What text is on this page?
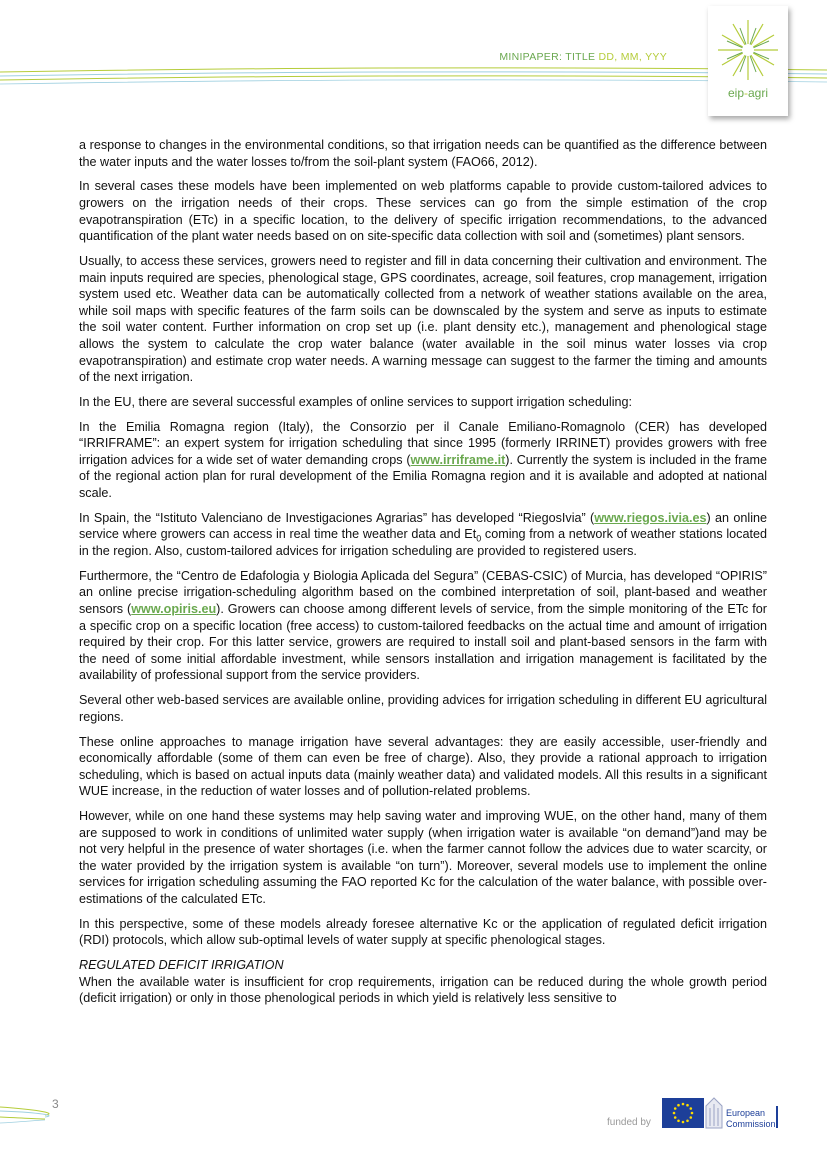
MINIPAPER: TITLE DD, MM, YYY
eip-agri

a response to changes in the environmental conditions, so that irrigation needs can be quantified as the difference between the water inputs and the water losses to/from the soil-plant system (FAO66, 2012).

In several cases these models have been implemented on web platforms capable to provide custom-tailored advices to growers on the irrigation needs of their crops. These services can go from the simple estimation of the crop evapotranspiration (ETc) in a specific location, to the delivery of specific irrigation recommendations, to the advanced quantification of the plant water needs based on on site-specific data collection with soil and (sometimes) plant sensors.

Usually, to access these services, growers need to register and fill in data concerning their cultivation and environment. The main inputs required are species, phenological stage, GPS coordinates, acreage, soil features, crop management, irrigation system used etc. Weather data can be automatically collected from a network of weather stations available on the area, while soil maps with specific features of the farm soils can be downscaled by the system and serve as inputs to estimate the soil water content. Further information on crop set up (i.e. plant density etc.), management and phenological stage allows the system to calculate the crop water balance (water available in the soil minus water losses via crop evapotranspiration) and estimate crop water needs. A warning message can suggest to the farmer the timing and amounts of the next irrigation.

In the EU, there are several successful examples of online services to support irrigation scheduling:

In the Emilia Romagna region (Italy), the Consorzio per il Canale Emiliano-Romagnolo (CER) has developed “IRRIFRAME”: an expert system for irrigation scheduling that since 1995 (formerly IRRINET) provides growers with free irrigation advices for a wide set of water demanding crops (www.irriframe.it). Currently the system is included in the frame of the regional action plan for rural development of the Emilia Romagna region and it is available and adopted at national scale.

In Spain, the “Istituto Valenciano de Investigaciones Agrarias” has developed “RiegosIvia” (www.riegos.ivia.es) an online service where growers can access in real time the weather data and $Et_0$ coming from a network of weather stations located in the region. Also, custom-tailored advices for irrigation scheduling are provided to registered users.

Furthermore, the “Centro de Edafologia y Biologia Aplicada del Segura” (CEBAS-CSIC) of Murcia, has developed “OPIRIS” an online precise irrigation-scheduling algorithm based on the combined interpretation of soil, plant-based and weather sensors (www.opiris.eu). Growers can choose among different levels of service, from the simple monitoring of the ETc for a specific crop on a specific location (free access) to custom-tailored feedbacks on the actual time and amount of irrigation required by their crop. For this latter service, growers are required to install soil and plant-based sensors in the farm with the need of some initial affordable investment, while sensors installation and irrigation management is facilitated by the availability of professional support from the service providers.

Several other web-based services are available online, providing advices for irrigation scheduling in different EU agricultural regions.

These online approaches to manage irrigation have several advantages: they are easily accessible, user-friendly and economically affordable (some of them can even be free of charge). Also, they provide a rational approach to irrigation scheduling, which is based on actual inputs data (mainly weather data) and validated models. All this results in a significant WUE increase, in the reduction of water losses and of pollution-related problems.

However, while on one hand these systems may help saving water and improving WUE, on the other hand, many of them are supposed to work in conditions of unlimited water supply (when irrigation water is available “on demand”)and may be not very helpful in the presence of water shortages (i.e. when the farmer cannot follow the advices due to water scarcity, or the water provided by the irrigation system is available “on turn”). Moreover, several models use to implement the online services for irrigation scheduling assuming the FAO reported Kc for the calculation of the water balance, with possible over-estimations of the calculated ETc.

In this perspective, some of these models already foresee alternative Kc or the application of regulated deficit irrigation (RDI) protocols, which allow sub-optimal levels of water supply at specific phenological stages.

REGULATED DEFICIT IRRIGATION

When the available water is insufficient for crop requirements, irrigation can be reduced during the whole growth period (deficit irrigation) or only in those phenological periods in which yield is relatively less sensitive to

3
funded by
European
Commission
